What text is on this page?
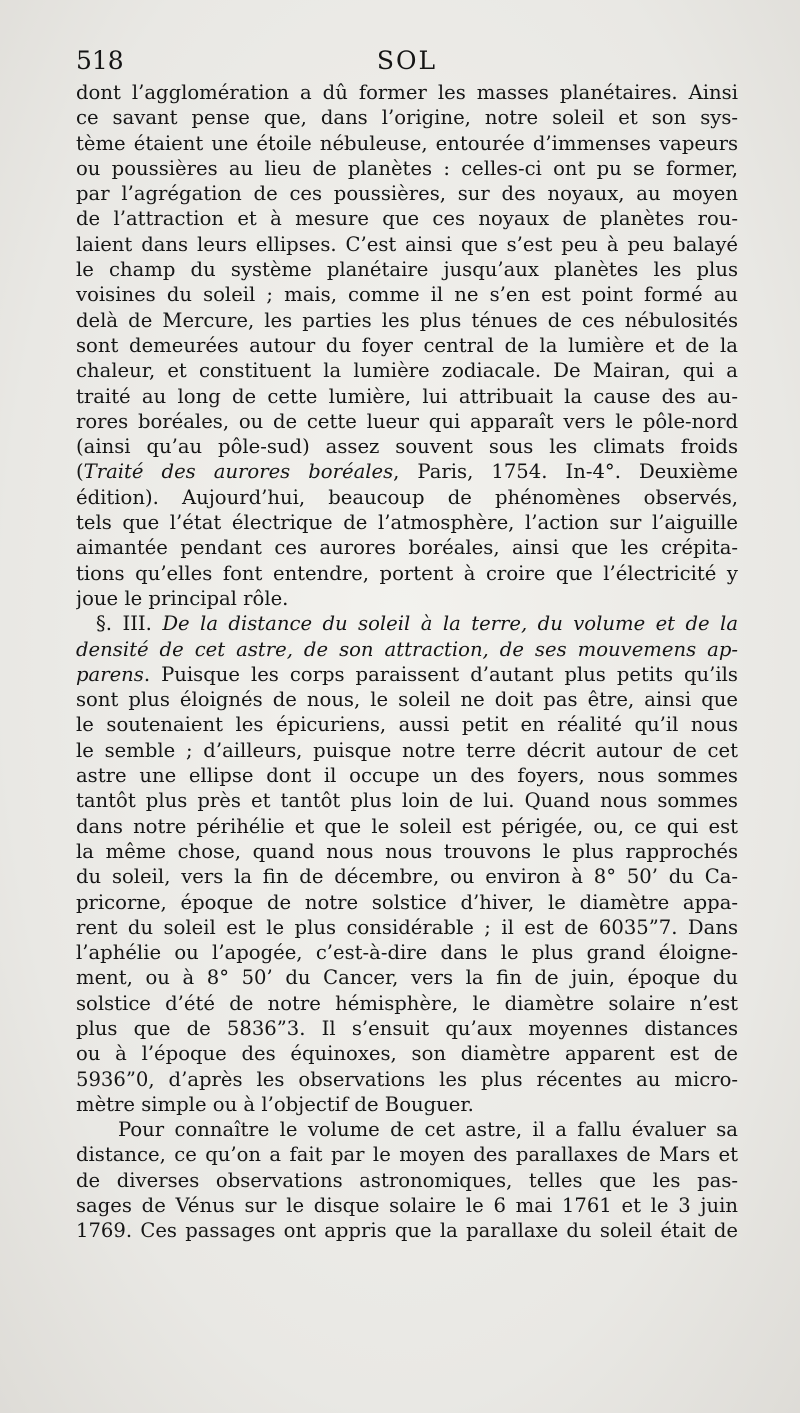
518	SOL
dont l’agglomération a dû former les masses planétaires. Ainsi
ce savant pense que, dans l’origine, notre soleil et son sys-
tème étaient une étoile nébuleuse, entourée d’immenses vapeurs
ou poussières au lieu de planètes : celles-ci ont pu se former,
par l’agrégation de ces poussières, sur des noyaux, au moyen
de l’attraction et à mesure que ces noyaux de planètes rou-
laient dans leurs ellipses. C’est ainsi que s’est peu à peu balayé
le champ du système planétaire jusqu’aux planètes les plus
voisines du soleil ; mais, comme il ne s’en est point formé au
delà de Mercure, les parties les plus ténues de ces nébulosités
sont demeurées autour du foyer central de la lumière et de la
chaleur, et constituent la lumière zodiacale. De Mairan, qui a
traité au long de cette lumière, lui attribuait la cause des au-
rores boréales, ou de cette lueur qui apparaît vers le pôle-nord
(ainsi qu’au pôle-sud) assez souvent sous les climats froids
(Traité des aurores boréales, Paris, 1754. In-4°. Deuxième
édition). Aujourd’hui, beaucoup de phénomènes observés,
tels que l’état électrique de l’atmosphère, l’action sur l’aiguille
aimantée pendant ces aurores boréales, ainsi que les crépita-
tions qu’elles font entendre, portent à croire que l’électricité y
joue le principal rôle.
§. III. De la distance du soleil à la terre, du volume et de la
densité de cet astre, de son attraction, de ses mouvemens ap-
parens. Puisque les corps paraissent d’autant plus petits qu’ils
sont plus éloignés de nous, le soleil ne doit pas être, ainsi que
le soutenaient les épicuriens, aussi petit en réalité qu’il nous
le semble ; d’ailleurs, puisque notre terre décrit autour de cet
astre une ellipse dont il occupe un des foyers, nous sommes
tantôt plus près et tantôt plus loin de lui. Quand nous sommes
dans notre périhélie et que le soleil est périgée, ou, ce qui est
la même chose, quand nous nous trouvons le plus rapprochés
du soleil, vers la fin de décembre, ou environ à 8° 50’ du Ca-
pricorne, époque de notre solstice d’hiver, le diamètre appa-
rent du soleil est le plus considérable ; il est de 6035”7. Dans
l’aphélie ou l’apogée, c’est-à-dire dans le plus grand éloigne-
ment, ou à 8° 50’ du Cancer, vers la fin de juin, époque du
solstice d’été de notre hémisphère, le diamètre solaire n’est
plus que de 5836”3. Il s’ensuit qu’aux moyennes distances
ou à l’époque des équinoxes, son diamètre apparent est de
5936”0, d’après les observations les plus récentes au micro-
mètre simple ou à l’objectif de Bouguer.
Pour connaître le volume de cet astre, il a fallu évaluer sa
distance, ce qu’on a fait par le moyen des parallaxes de Mars et
de diverses observations astronomiques, telles que les pas-
sages de Vénus sur le disque solaire le 6 mai 1761 et le 3 juin
1769. Ces passages ont appris que la parallaxe du soleil était de
